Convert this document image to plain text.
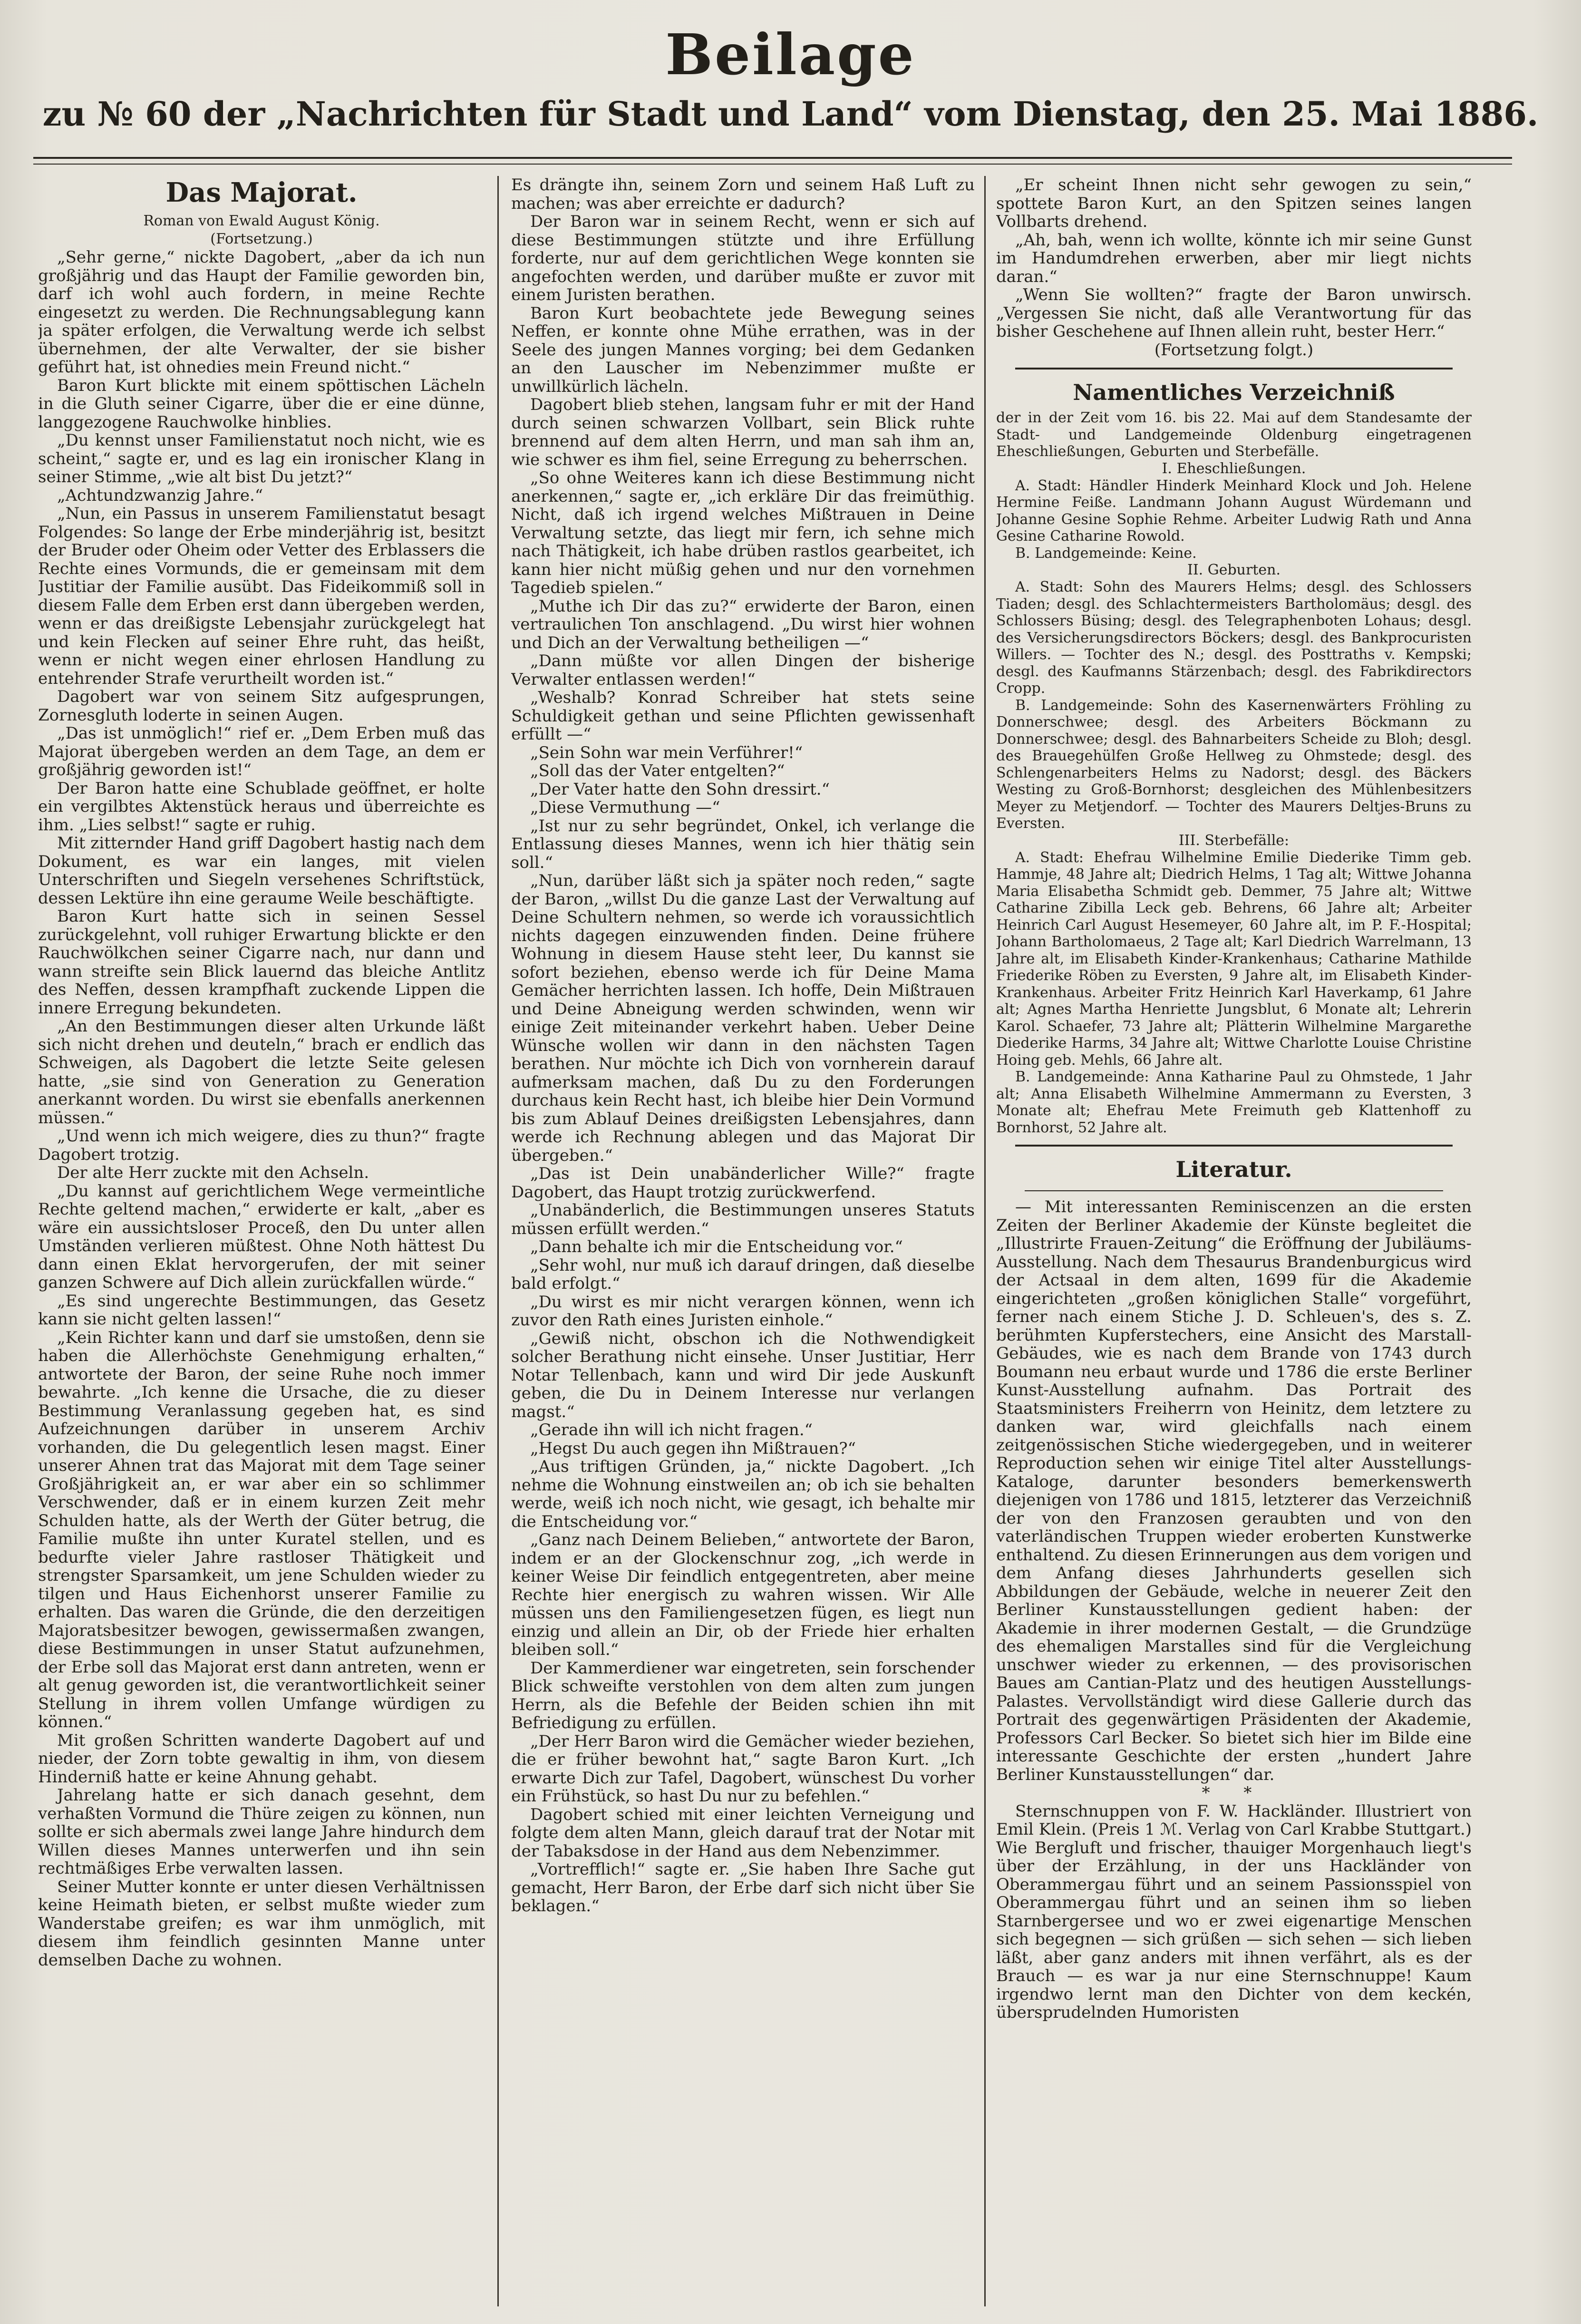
Beilage
zu № 60 der „Nachrichten für Stadt und Land“ vom Dienstag, den 25. Mai 1886.
Das Majorat.
Roman von Ewald August König.
(Fortsetzung.)

„Sehr gerne,“ nickte Dagobert, „aber da ich nun großjährig und das Haupt der Familie geworden bin, darf ich wohl auch fordern, in meine Rechte eingesetzt zu werden. Die Rechnungsablegung kann ja später erfolgen, die Verwaltung werde ich selbst übernehmen, der alte Verwalter, der sie bisher geführt hat, ist ohnedies mein Freund nicht.“

Baron Kurt blickte mit einem spöttischen Lächeln in die Gluth seiner Cigarre, über die er eine dünne, langgezogene Rauchwolke hinblies.

„Du kennst unser Familienstatut noch nicht, wie es scheint,“ sagte er, und es lag ein ironischer Klang in seiner Stimme, „wie alt bist Du jetzt?“

„Achtundzwanzig Jahre.“

„Nun, ein Passus in unserem Familienstatut besagt Folgendes: So lange der Erbe minderjährig ist, besitzt der Bruder oder Oheim oder Vetter des Erblassers die Rechte eines Vormunds, die er gemeinsam mit dem Justitiar der Familie ausübt. Das Fideikommiß soll in diesem Falle dem Erben erst dann übergeben werden, wenn er das dreißigste Lebensjahr zurückgelegt hat und kein Flecken auf seiner Ehre ruht, das heißt, wenn er nicht wegen einer ehrlosen Handlung zu entehrender Strafe verurtheilt worden ist.“

Dagobert war von seinem Sitz aufgesprungen, Zornesgluth loderte in seinen Augen.

„Das ist unmöglich!“ rief er. „Dem Erben muß das Majorat übergeben werden an dem Tage, an dem er großjährig geworden ist!“

Der Baron hatte eine Schublade geöffnet, er holte ein vergilbtes Aktenstück heraus und überreichte es ihm. „Lies selbst!“ sagte er ruhig.

Mit zitternder Hand griff Dagobert hastig nach dem Dokument, es war ein langes, mit vielen Unterschriften und Siegeln versehenes Schriftstück, dessen Lektüre ihn eine geraume Weile beschäftigte.

Baron Kurt hatte sich in seinen Sessel zurückgelehnt, voll ruhiger Erwartung blickte er den Rauchwölkchen seiner Cigarre nach, nur dann und wann streifte sein Blick lauernd das bleiche Antlitz des Neffen, dessen krampfhaft zuckende Lippen die innere Erregung bekundeten.

„An den Bestimmungen dieser alten Urkunde läßt sich nicht drehen und deuteln,“ brach er endlich das Schweigen, als Dagobert die letzte Seite gelesen hatte, „sie sind von Generation zu Generation anerkannt worden. Du wirst sie ebenfalls anerkennen müssen.“

„Und wenn ich mich weigere, dies zu thun?“ fragte Dagobert trotzig.

Der alte Herr zuckte mit den Achseln.

„Du kannst auf gerichtlichem Wege vermeintliche Rechte geltend machen,“ erwiderte er kalt, „aber es wäre ein aussichtsloser Proceß, den Du unter allen Umständen verlieren müßtest. Ohne Noth hättest Du dann einen Eklat hervorgerufen, der mit seiner ganzen Schwere auf Dich allein zurückfallen würde.“

„Es sind ungerechte Bestimmungen, das Gesetz kann sie nicht gelten lassen!“

„Kein Richter kann und darf sie umstoßen, denn sie haben die Allerhöchste Genehmigung erhalten,“ antwortete der Baron, der seine Ruhe noch immer bewahrte. „Ich kenne die Ursache, die zu dieser Bestimmung Veranlassung gegeben hat, es sind Aufzeichnungen darüber in unserem Archiv vorhanden, die Du gelegentlich lesen magst. Einer unserer Ahnen trat das Majorat mit dem Tage seiner Großjährigkeit an, er war aber ein so schlimmer Verschwender, daß er in einem kurzen Zeit mehr Schulden hatte, als der Werth der Güter betrug, die Familie mußte ihn unter Kuratel stellen, und es bedurfte vieler Jahre rastloser Thätigkeit und strengster Sparsamkeit, um jene Schulden wieder zu tilgen und Haus Eichenhorst unserer Familie zu erhalten. Das waren die Gründe, die den derzeitigen Majoratsbesitzer bewogen, gewissermaßen zwangen, diese Bestimmungen in unser Statut aufzunehmen, der Erbe soll das Majorat erst dann antreten, wenn er alt genug geworden ist, die verantwortlichkeit seiner Stellung in ihrem vollen Umfange würdigen zu können.“

Mit großen Schritten wanderte Dagobert auf und nieder, der Zorn tobte gewaltig in ihm, von diesem Hinderniß hatte er keine Ahnung gehabt.

Jahrelang hatte er sich danach gesehnt, dem verhaßten Vormund die Thüre zeigen zu können, nun sollte er sich abermals zwei lange Jahre hindurch dem Willen dieses Mannes unterwerfen und ihn sein rechtmäßiges Erbe verwalten lassen.

Seiner Mutter konnte er unter diesen Verhältnissen keine Heimath bieten, er selbst mußte wieder zum Wanderstabe greifen; es war ihm unmöglich, mit diesem ihm feindlich gesinnten Manne unter demselben Dache zu wohnen.

Es drängte ihn, seinem Zorn und seinem Haß Luft zu machen; was aber erreichte er dadurch?

Der Baron war in seinem Recht, wenn er sich auf diese Bestimmungen stützte und ihre Erfüllung forderte, nur auf dem gerichtlichen Wege konnten sie angefochten werden, und darüber mußte er zuvor mit einem Juristen berathen.

Baron Kurt beobachtete jede Bewegung seines Neffen, er konnte ohne Mühe errathen, was in der Seele des jungen Mannes vorging; bei dem Gedanken an den Lauscher im Nebenzimmer mußte er unwillkürlich lächeln.

Dagobert blieb stehen, langsam fuhr er mit der Hand durch seinen schwarzen Vollbart, sein Blick ruhte brennend auf dem alten Herrn, und man sah ihm an, wie schwer es ihm fiel, seine Erregung zu beherrschen.

„So ohne Weiteres kann ich diese Bestimmung nicht anerkennen,“ sagte er, „ich erkläre Dir das freimüthig. Nicht, daß ich irgend welches Mißtrauen in Deine Verwaltung setzte, das liegt mir fern, ich sehne mich nach Thätigkeit, ich habe drüben rastlos gearbeitet, ich kann hier nicht müßig gehen und nur den vornehmen Tagedieb spielen.“

„Muthe ich Dir das zu?“ erwiderte der Baron, einen vertraulichen Ton anschlagend. „Du wirst hier wohnen und Dich an der Verwaltung betheiligen —“

„Dann müßte vor allen Dingen der bisherige Verwalter entlassen werden!“

„Weshalb? Konrad Schreiber hat stets seine Schuldigkeit gethan und seine Pflichten gewissenhaft erfüllt —“

„Sein Sohn war mein Verführer!“

„Soll das der Vater entgelten?“

„Der Vater hatte den Sohn dressirt.“

„Diese Vermuthung —“

„Ist nur zu sehr begründet, Onkel, ich verlange die Entlassung dieses Mannes, wenn ich hier thätig sein soll.“

„Nun, darüber läßt sich ja später noch reden,“ sagte der Baron, „willst Du die ganze Last der Verwaltung auf Deine Schultern nehmen, so werde ich voraussichtlich nichts dagegen einzuwenden finden. Deine frühere Wohnung in diesem Hause steht leer, Du kannst sie sofort beziehen, ebenso werde ich für Deine Mama Gemächer herrichten lassen. Ich hoffe, Dein Mißtrauen und Deine Abneigung werden schwinden, wenn wir einige Zeit miteinander verkehrt haben. Ueber Deine Wünsche wollen wir dann in den nächsten Tagen berathen. Nur möchte ich Dich von vornherein darauf aufmerksam machen, daß Du zu den Forderungen durchaus kein Recht hast, ich bleibe hier Dein Vormund bis zum Ablauf Deines dreißigsten Lebensjahres, dann werde ich Rechnung ablegen und das Majorat Dir übergeben.“

„Das ist Dein unabänderlicher Wille?“ fragte Dagobert, das Haupt trotzig zurückwerfend.

„Unabänderlich, die Bestimmungen unseres Statuts müssen erfüllt werden.“

„Dann behalte ich mir die Entscheidung vor.“

„Sehr wohl, nur muß ich darauf dringen, daß dieselbe bald erfolgt.“

„Du wirst es mir nicht verargen können, wenn ich zuvor den Rath eines Juristen einhole.“

„Gewiß nicht, obschon ich die Nothwendigkeit solcher Berathung nicht einsehe. Unser Justitiar, Herr Notar Tellenbach, kann und wird Dir jede Auskunft geben, die Du in Deinem Interesse nur verlangen magst.“

„Gerade ihn will ich nicht fragen.“

„Hegst Du auch gegen ihn Mißtrauen?“

„Aus triftigen Gründen, ja,“ nickte Dagobert. „Ich nehme die Wohnung einstweilen an; ob ich sie behalten werde, weiß ich noch nicht, wie gesagt, ich behalte mir die Entscheidung vor.“

„Ganz nach Deinem Belieben,“ antwortete der Baron, indem er an der Glockenschnur zog, „ich werde in keiner Weise Dir feindlich entgegentreten, aber meine Rechte hier energisch zu wahren wissen. Wir Alle müssen uns den Familiengesetzen fügen, es liegt nun einzig und allein an Dir, ob der Friede hier erhalten bleiben soll.“

Der Kammerdiener war eingetreten, sein forschender Blick schweifte verstohlen von dem alten zum jungen Herrn, als die Befehle der Beiden schien ihn mit Befriedigung zu erfüllen.

„Der Herr Baron wird die Gemächer wieder beziehen, die er früher bewohnt hat,“ sagte Baron Kurt. „Ich erwarte Dich zur Tafel, Dagobert, wünschest Du vorher ein Frühstück, so hast Du nur zu befehlen.“

Dagobert schied mit einer leichten Verneigung und folgte dem alten Mann, gleich darauf trat der Notar mit der Tabaksdose in der Hand aus dem Nebenzimmer.

„Vortrefflich!“ sagte er. „Sie haben Ihre Sache gut gemacht, Herr Baron, der Erbe darf sich nicht über Sie beklagen.“

„Er scheint Ihnen nicht sehr gewogen zu sein,“ spottete Baron Kurt, an den Spitzen seines langen Vollbarts drehend.

„Ah, bah, wenn ich wollte, könnte ich mir seine Gunst im Handumdrehen erwerben, aber mir liegt nichts daran.“

„Wenn Sie wollten?“ fragte der Baron unwirsch. „Vergessen Sie nicht, daß alle Verantwortung für das bisher Geschehene auf Ihnen allein ruht, bester Herr.“

(Fortsetzung folgt.)
Namentliches Verzeichniß

der in der Zeit vom 16. bis 22. Mai auf dem Standesamte der Stadt- und Landgemeinde Oldenburg eingetragenen Eheschließungen, Geburten und Sterbefälle.

I. Eheschließungen.

A. Stadt: Händler Hinderk Meinhard Klock und Joh. Helene Hermine Feiße. Landmann Johann August Würdemann und Johanne Gesine Sophie Rehme. Arbeiter Ludwig Rath und Anna Gesine Catharine Rowold.

B. Landgemeinde: Keine.

II. Geburten.

A. Stadt: Sohn des Maurers Helms; desgl. des Schlossers Tiaden; desgl. des Schlachtermeisters Bartholomäus; desgl. des Schlossers Büsing; desgl. des Telegraphenboten Lohaus; desgl. des Versicherungsdirectors Böckers; desgl. des Bankprocuristen Willers. — Tochter des N.; desgl. des Posttraths v. Kempski; desgl. des Kaufmanns Stärzenbach; desgl. des Fabrikdirectors Cropp.

B. Landgemeinde: Sohn des Kasernenwärters Fröhling zu Donnerschwee; desgl. des Arbeiters Böckmann zu Donnerschwee; desgl. des Bahnarbeiters Scheide zu Bloh; desgl. des Brauegehülfen Große Hellweg zu Ohmstede; desgl. des Schlengenarbeiters Helms zu Nadorst; desgl. des Bäckers Westing zu Groß-Bornhorst; desgleichen des Mühlenbesitzers Meyer zu Metjendorf. — Tochter des Maurers Deltjes-Bruns zu Eversten.

III. Sterbefälle:

A. Stadt: Ehefrau Wilhelmine Emilie Diederike Timm geb. Hammje, 48 Jahre alt; Diedrich Helms, 1 Tag alt; Wittwe Johanna Maria Elisabetha Schmidt geb. Demmer, 75 Jahre alt; Wittwe Catharine Zibilla Leck geb. Behrens, 66 Jahre alt; Arbeiter Heinrich Carl August Hesemeyer, 60 Jahre alt, im P. F.-Hospital; Johann Bartholomaeus, 2 Tage alt; Karl Diedrich Warrelmann, 13 Jahre alt, im Elisabeth Kinder-Krankenhaus; Catharine Mathilde Friederike Röben zu Eversten, 9 Jahre alt, im Elisabeth Kinder-Krankenhaus. Arbeiter Fritz Heinrich Karl Haverkamp, 61 Jahre alt; Agnes Martha Henriette Jungsblut, 6 Monate alt; Lehrerin Karol. Schaefer, 73 Jahre alt; Plätterin Wilhelmine Margarethe Diederike Harms, 34 Jahre alt; Wittwe Charlotte Louise Christine Hoing geb. Mehls, 66 Jahre alt.

B. Landgemeinde: Anna Katharine Paul zu Ohmstede, 1 Jahr alt; Anna Elisabeth Wilhelmine Ammermann zu Eversten, 3 Monate alt; Ehefrau Mete Freimuth geb Klattenhoff zu Bornhorst, 52 Jahre alt.

Literatur.

— Mit interessanten Reminiscenzen an die ersten Zeiten der Berliner Akademie der Künste begleitet die „Illustrirte Frauen-Zeitung“ die Eröffnung der Jubiläums-Ausstellung. Nach dem Thesaurus Brandenburgicus wird der Actsaal in dem alten, 1699 für die Akademie eingerichteten „großen königlichen Stalle“ vorgeführt, ferner nach einem Stiche J. D. Schleuen's, des s. Z. berühmten Kupferstechers, eine Ansicht des Marstall-Gebäudes, wie es nach dem Brande von 1743 durch Boumann neu erbaut wurde und 1786 die erste Berliner Kunst-Ausstellung aufnahm. Das Portrait des Staatsministers Freiherrn von Heinitz, dem letztere zu danken war, wird gleichfalls nach einem zeitgenössischen Stiche wiedergegeben, und in weiterer Reproduction sehen wir einige Titel alter Ausstellungs-Kataloge, darunter besonders bemerkenswerth diejenigen von 1786 und 1815, letzterer das Verzeichniß der von den Franzosen geraubten und von den vaterländischen Truppen wieder eroberten Kunstwerke enthaltend. Zu diesen Erinnerungen aus dem vorigen und dem Anfang dieses Jahrhunderts gesellen sich Abbildungen der Gebäude, welche in neuerer Zeit den Berliner Kunstausstellungen gedient haben: der Akademie in ihrer modernen Gestalt, — die Grundzüge des ehemaligen Marstalles sind für die Vergleichung unschwer wieder zu erkennen, — des provisorischen Baues am Cantian-Platz und des heutigen Ausstellungs-Palastes. Vervollständigt wird diese Gallerie durch das Portrait des gegenwärtigen Präsidenten der Akademie, Professors Carl Becker. So bietet sich hier im Bilde eine interessante Geschichte der ersten „hundert Jahre Berliner Kunstausstellungen“ dar.

* *

Sternschnuppen von F. W. Hackländer. Illustriert von Emil Klein. (Preis 1 ℳ. Verlag von Carl Krabbe Stuttgart.) Wie Bergluft und frischer, thauiger Morgenhauch liegt's über der Erzählung, in der uns Hackländer von Oberammergau führt und an seinem Passionsspiel von Oberammergau führt und an seinen ihm so lieben Starnbergersee und wo er zwei eigenartige Menschen sich begegnen — sich grüßen — sich sehen — sich lieben läßt, aber ganz anders mit ihnen verfährt, als es der Brauch — es war ja nur eine Sternschnuppe! Kaum irgendwo lernt man den Dichter von dem keckén, übersprudelnden Humoristen
